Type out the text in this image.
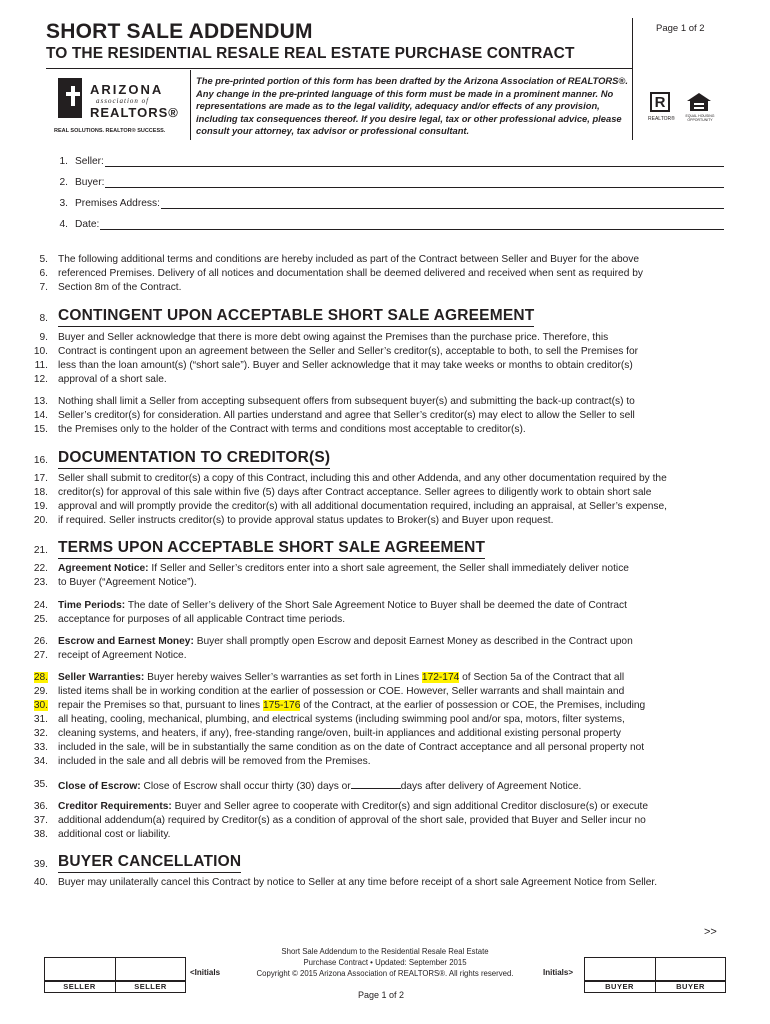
SHORT SALE ADDENDUM
TO THE RESIDENTIAL RESALE REAL ESTATE PURCHASE CONTRACT
Page 1 of 2
ARIZONA
association of
REALTORS®
REAL SOLUTIONS. REALTOR® SUCCESS.
The pre-printed portion of this form has been drafted by the Arizona Association of REALTORS®. Any change in the pre-printed language of this form must be made in a prominent manner. No representations are made as to the legal validity, adequacy and/or effects of any provision, including tax consequences thereof. If you desire legal, tax or other professional advice, please consult your attorney, tax advisor or professional consultant.
R
REALTOR®	EQUAL HOUSING OPPORTUNITY
1. Seller:
2. Buyer:
3. Premises Address:
4. Date:
5. The following additional terms and conditions are hereby included as part of the Contract between Seller and Buyer for the above
6. referenced Premises. Delivery of all notices and documentation shall be deemed delivered and received when sent as required by
7. Section 8m of the Contract.
8. CONTINGENT UPON ACCEPTABLE SHORT SALE AGREEMENT
9. Buyer and Seller acknowledge that there is more debt owing against the Premises than the purchase price. Therefore, this
10. Contract is contingent upon an agreement between the Seller and Seller’s creditor(s), acceptable to both, to sell the Premises for
11. less than the loan amount(s) (“short sale”). Buyer and Seller acknowledge that it may take weeks or months to obtain creditor(s)
12. approval of a short sale.
13. Nothing shall limit a Seller from accepting subsequent offers from subsequent buyer(s) and submitting the back-up contract(s) to
14. Seller’s creditor(s) for consideration. All parties understand and agree that Seller’s creditor(s) may elect to allow the Seller to sell
15. the Premises only to the holder of the Contract with terms and conditions most acceptable to creditor(s).
16. DOCUMENTATION TO CREDITOR(S)
17. Seller shall submit to creditor(s) a copy of this Contract, including this and other Addenda, and any other documentation required by the
18. creditor(s) for approval of this sale within five (5) days after Contract acceptance. Seller agrees to diligently work to obtain short sale
19. approval and will promptly provide the creditor(s) with all additional documentation required, including an appraisal, at Seller’s expense,
20. if required. Seller instructs creditor(s) to provide approval status updates to Broker(s) and Buyer upon request.
21. TERMS UPON ACCEPTABLE SHORT SALE AGREEMENT
22. Agreement Notice: If Seller and Seller’s creditors enter into a short sale agreement, the Seller shall immediately deliver notice
23. to Buyer (“Agreement Notice”).
24. Time Periods: The date of Seller’s delivery of the Short Sale Agreement Notice to Buyer shall be deemed the date of Contract
25. acceptance for purposes of all applicable Contract time periods.
26. Escrow and Earnest Money: Buyer shall promptly open Escrow and deposit Earnest Money as described in the Contract upon
27. receipt of Agreement Notice.
28. Seller Warranties: Buyer hereby waives Seller’s warranties as set forth in Lines 172-174 of Section 5a of the Contract that all
29. listed items shall be in working condition at the earlier of possession or COE. However, Seller warrants and shall maintain and
30. repair the Premises so that, pursuant to lines 175-176 of the Contract, at the earlier of possession or COE, the Premises, including
31. all heating, cooling, mechanical, plumbing, and electrical systems (including swimming pool and/or spa, motors, filter systems,
32. cleaning systems, and heaters, if any), free-standing range/oven, built-in appliances and additional existing personal property
33. included in the sale, will be in substantially the same condition as on the date of Contract acceptance and all personal property not
34. included in the sale and all debris will be removed from the Premises.
35. Close of Escrow: Close of Escrow shall occur thirty (30) days or	days after delivery of Agreement Notice.
36. Creditor Requirements: Buyer and Seller agree to cooperate with Creditor(s) and sign additional Creditor disclosure(s) or execute
37. additional addendum(a) required by Creditor(s) as a condition of approval of the short sale, provided that Buyer and Seller incur no
38. additional cost or liability.
39. BUYER CANCELLATION
40. Buyer may unilaterally cancel this Contract by notice to Seller at any time before receipt of a short sale Agreement Notice from Seller.
>>
SELLER	SELLER
<Initials
Short Sale Addendum to the Residential Resale Real Estate
Purchase Contract • Updated: September 2015
Copyright © 2015 Arizona Association of REALTORS®. All rights reserved.	Initials>
BUYER	BUYER
Page 1 of 2
